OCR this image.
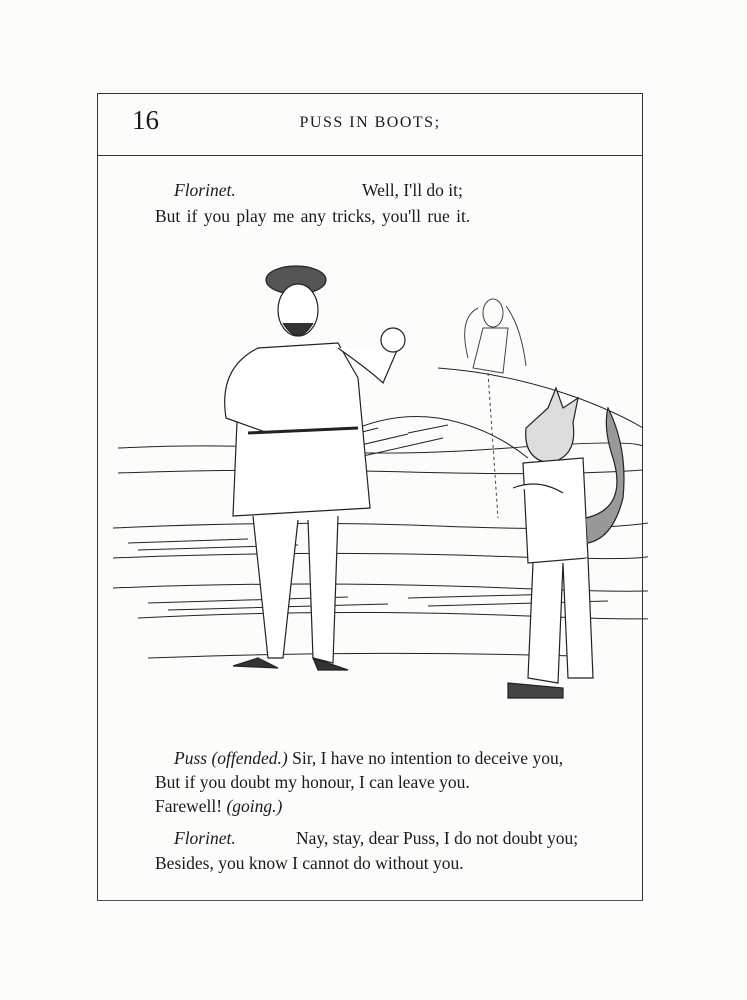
16	PUSS IN BOOTS;
Florinet.	Well, I'll do it;
But if you play me any tricks, you'll rue it.
Puss (offended.) Sir, I have no intention to deceive you,
But if you doubt my honour, I can leave you.
Farewell! (going.)
Florinet.	Nay, stay, dear Puss, I do not doubt you;
Besides, you know I cannot do without you.
